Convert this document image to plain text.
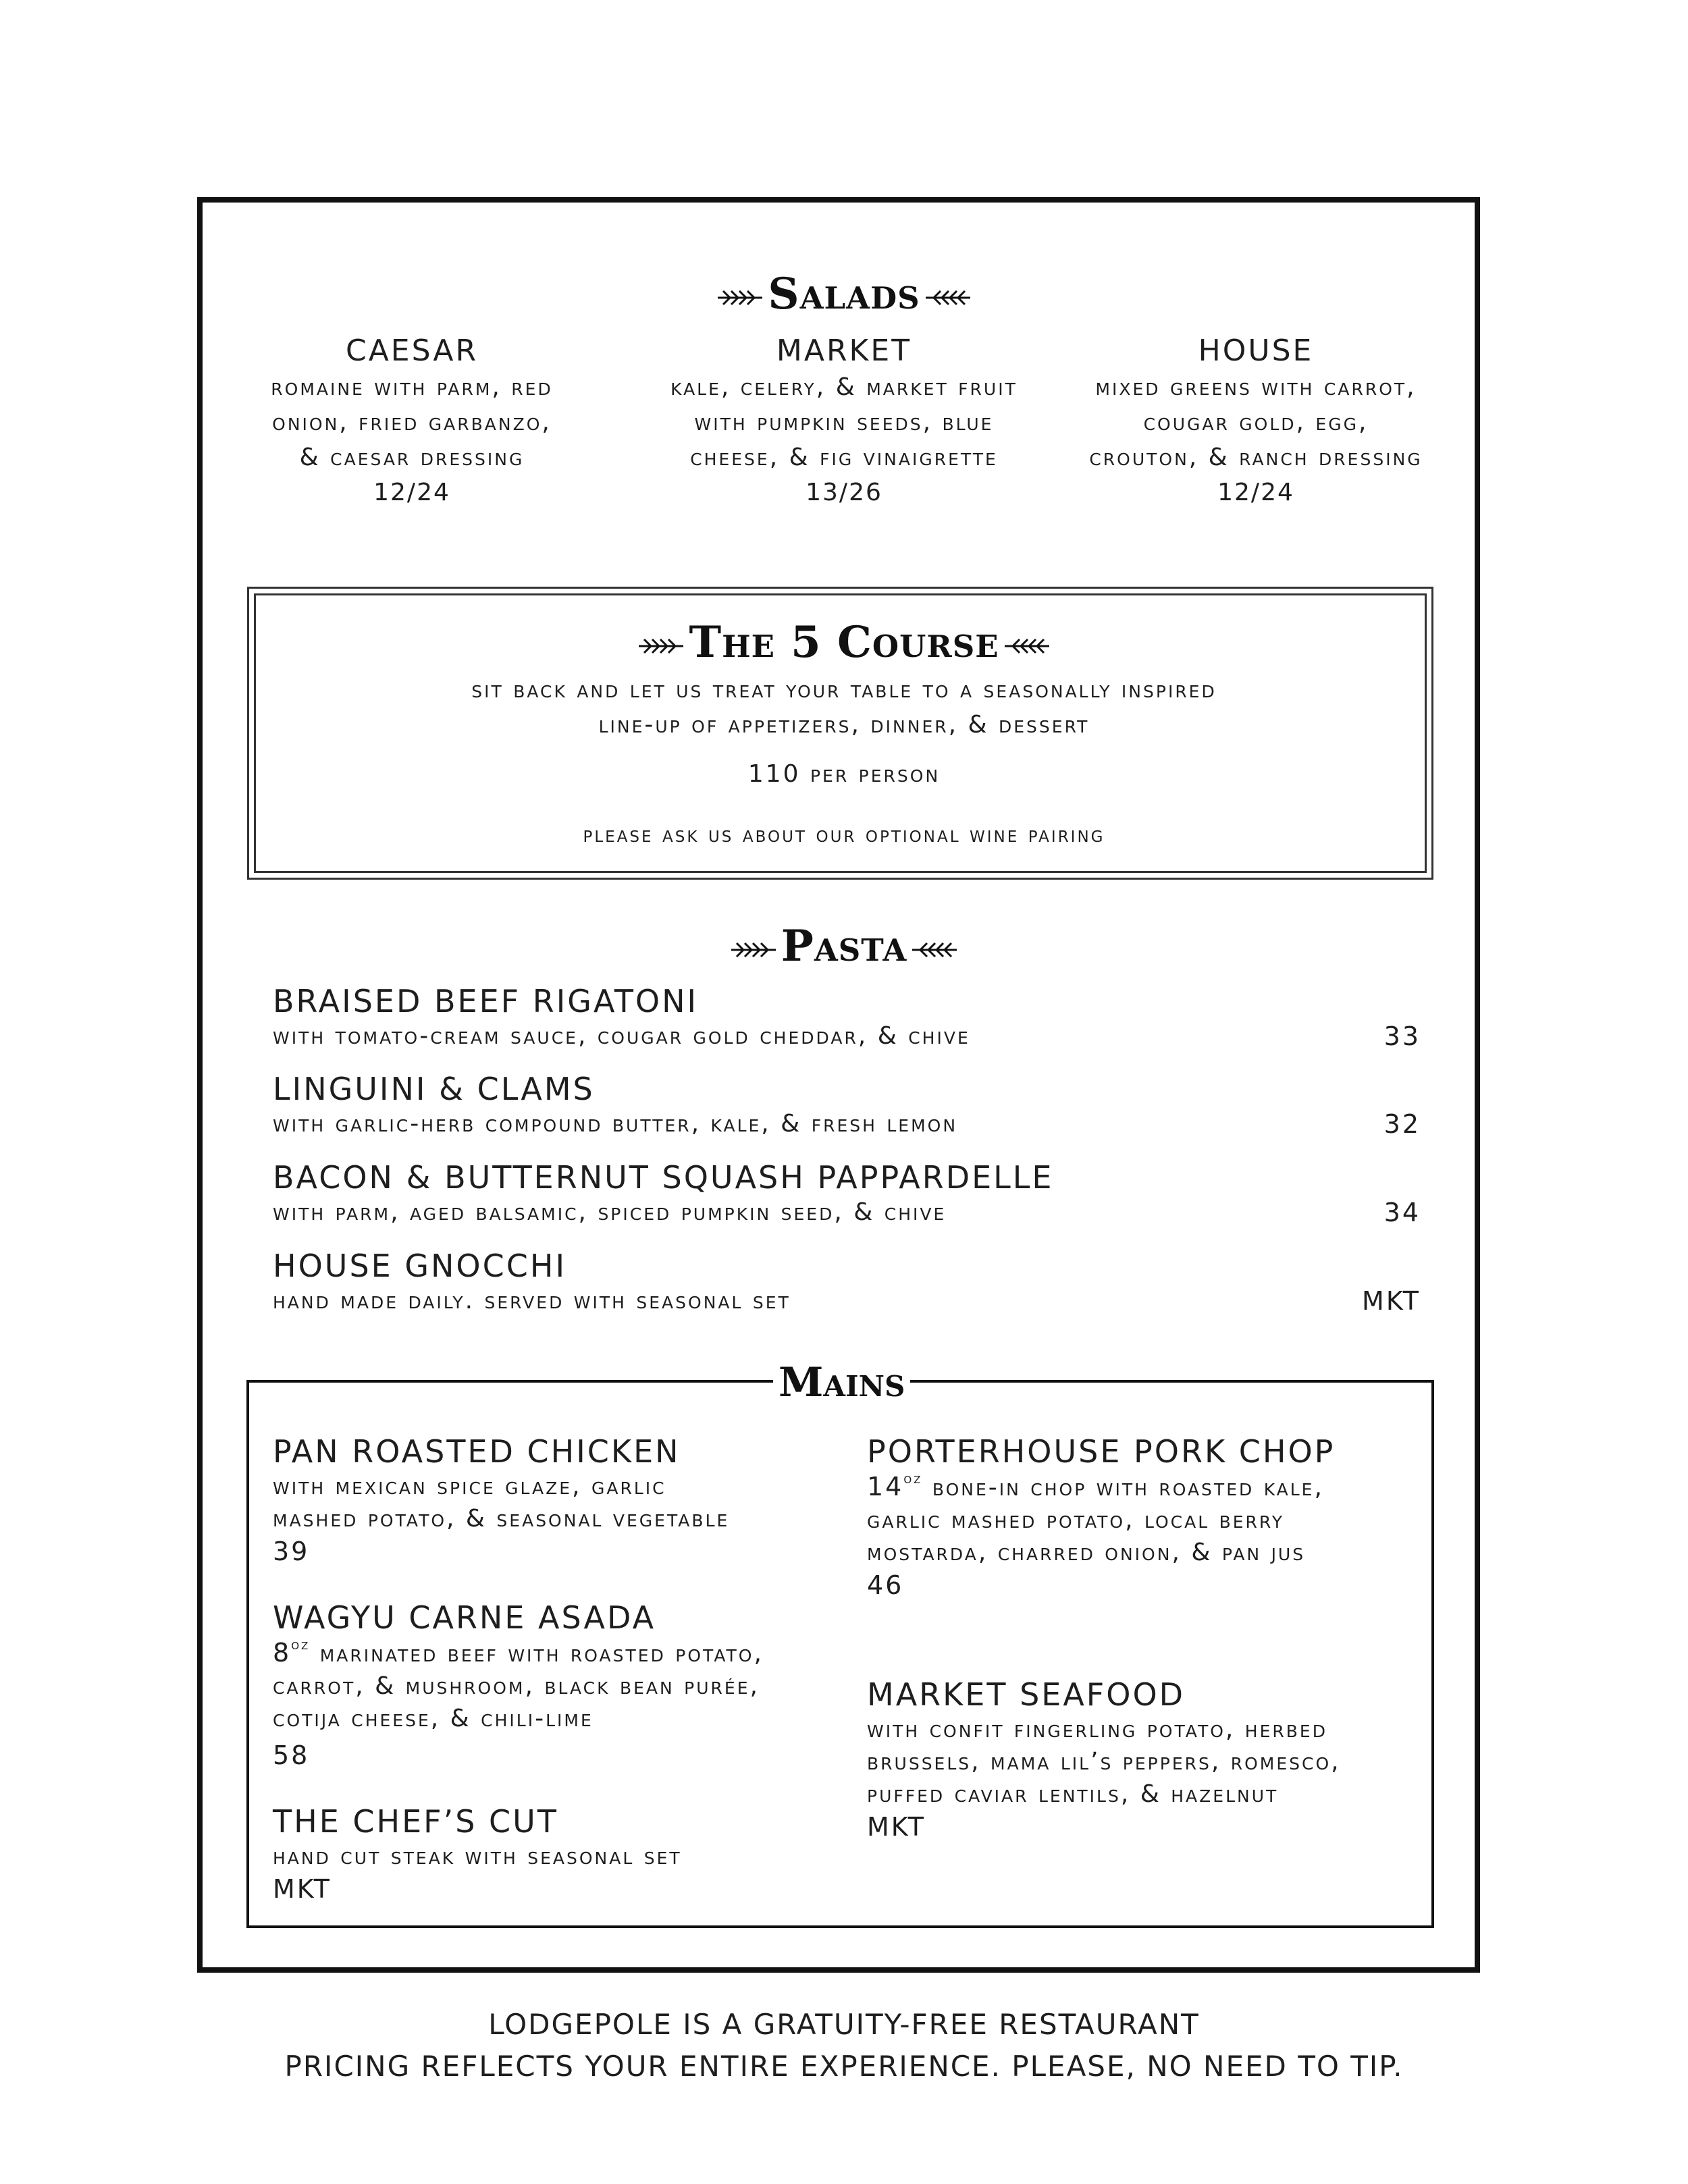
Salads
CAESAR
romaine with parm, red
onion, fried garbanzo,
& caesar dressing
12/24
MARKET
kale, celery, & market fruit
with pumpkin seeds, blue
cheese, & fig vinaigrette
13/26
HOUSE
mixed greens with carrot,
cougar gold, egg,
crouton, & ranch dressing
12/24
The 5 Course
sit back and let us treat your table to a seasonally inspired
line-up of appetizers, dinner, & dessert
110 per person
please ask us about our optional wine pairing
Pasta
BRAISED BEEF RIGATONI
with tomato-cream sauce, cougar gold cheddar, & chive	33
LINGUINI & CLAMS
with garlic-herb compound butter, kale, & fresh lemon	32
BACON & BUTTERNUT SQUASH PAPPARDELLE
with parm, aged balsamic, spiced pumpkin seed, & chive	34
HOUSE GNOCCHI
hand made daily. served with seasonal set	MKT
Mains
PAN ROASTED CHICKEN
with mexican spice glaze, garlic
mashed potato, & seasonal vegetable
39
WAGYU CARNE ASADA
$8^{oz}$ marinated beef with roasted potato,
carrot, & mushroom, black bean purée,
cotija cheese, & chili-lime
58
THE CHEF’S CUT
hand cut steak with seasonal set
MKT
PORTERHOUSE PORK CHOP
$14^{oz}$ bone-in chop with roasted kale,
garlic mashed potato, local berry
mostarda, charred onion, & pan jus
46
MARKET SEAFOOD
with confit fingerling potato, herbed
brussels, mama lil’s peppers, romesco,
puffed caviar lentils, & hazelnut
MKT
LODGEPOLE IS A GRATUITY-FREE RESTAURANT
PRICING REFLECTS YOUR ENTIRE EXPERIENCE. PLEASE, NO NEED TO TIP.
